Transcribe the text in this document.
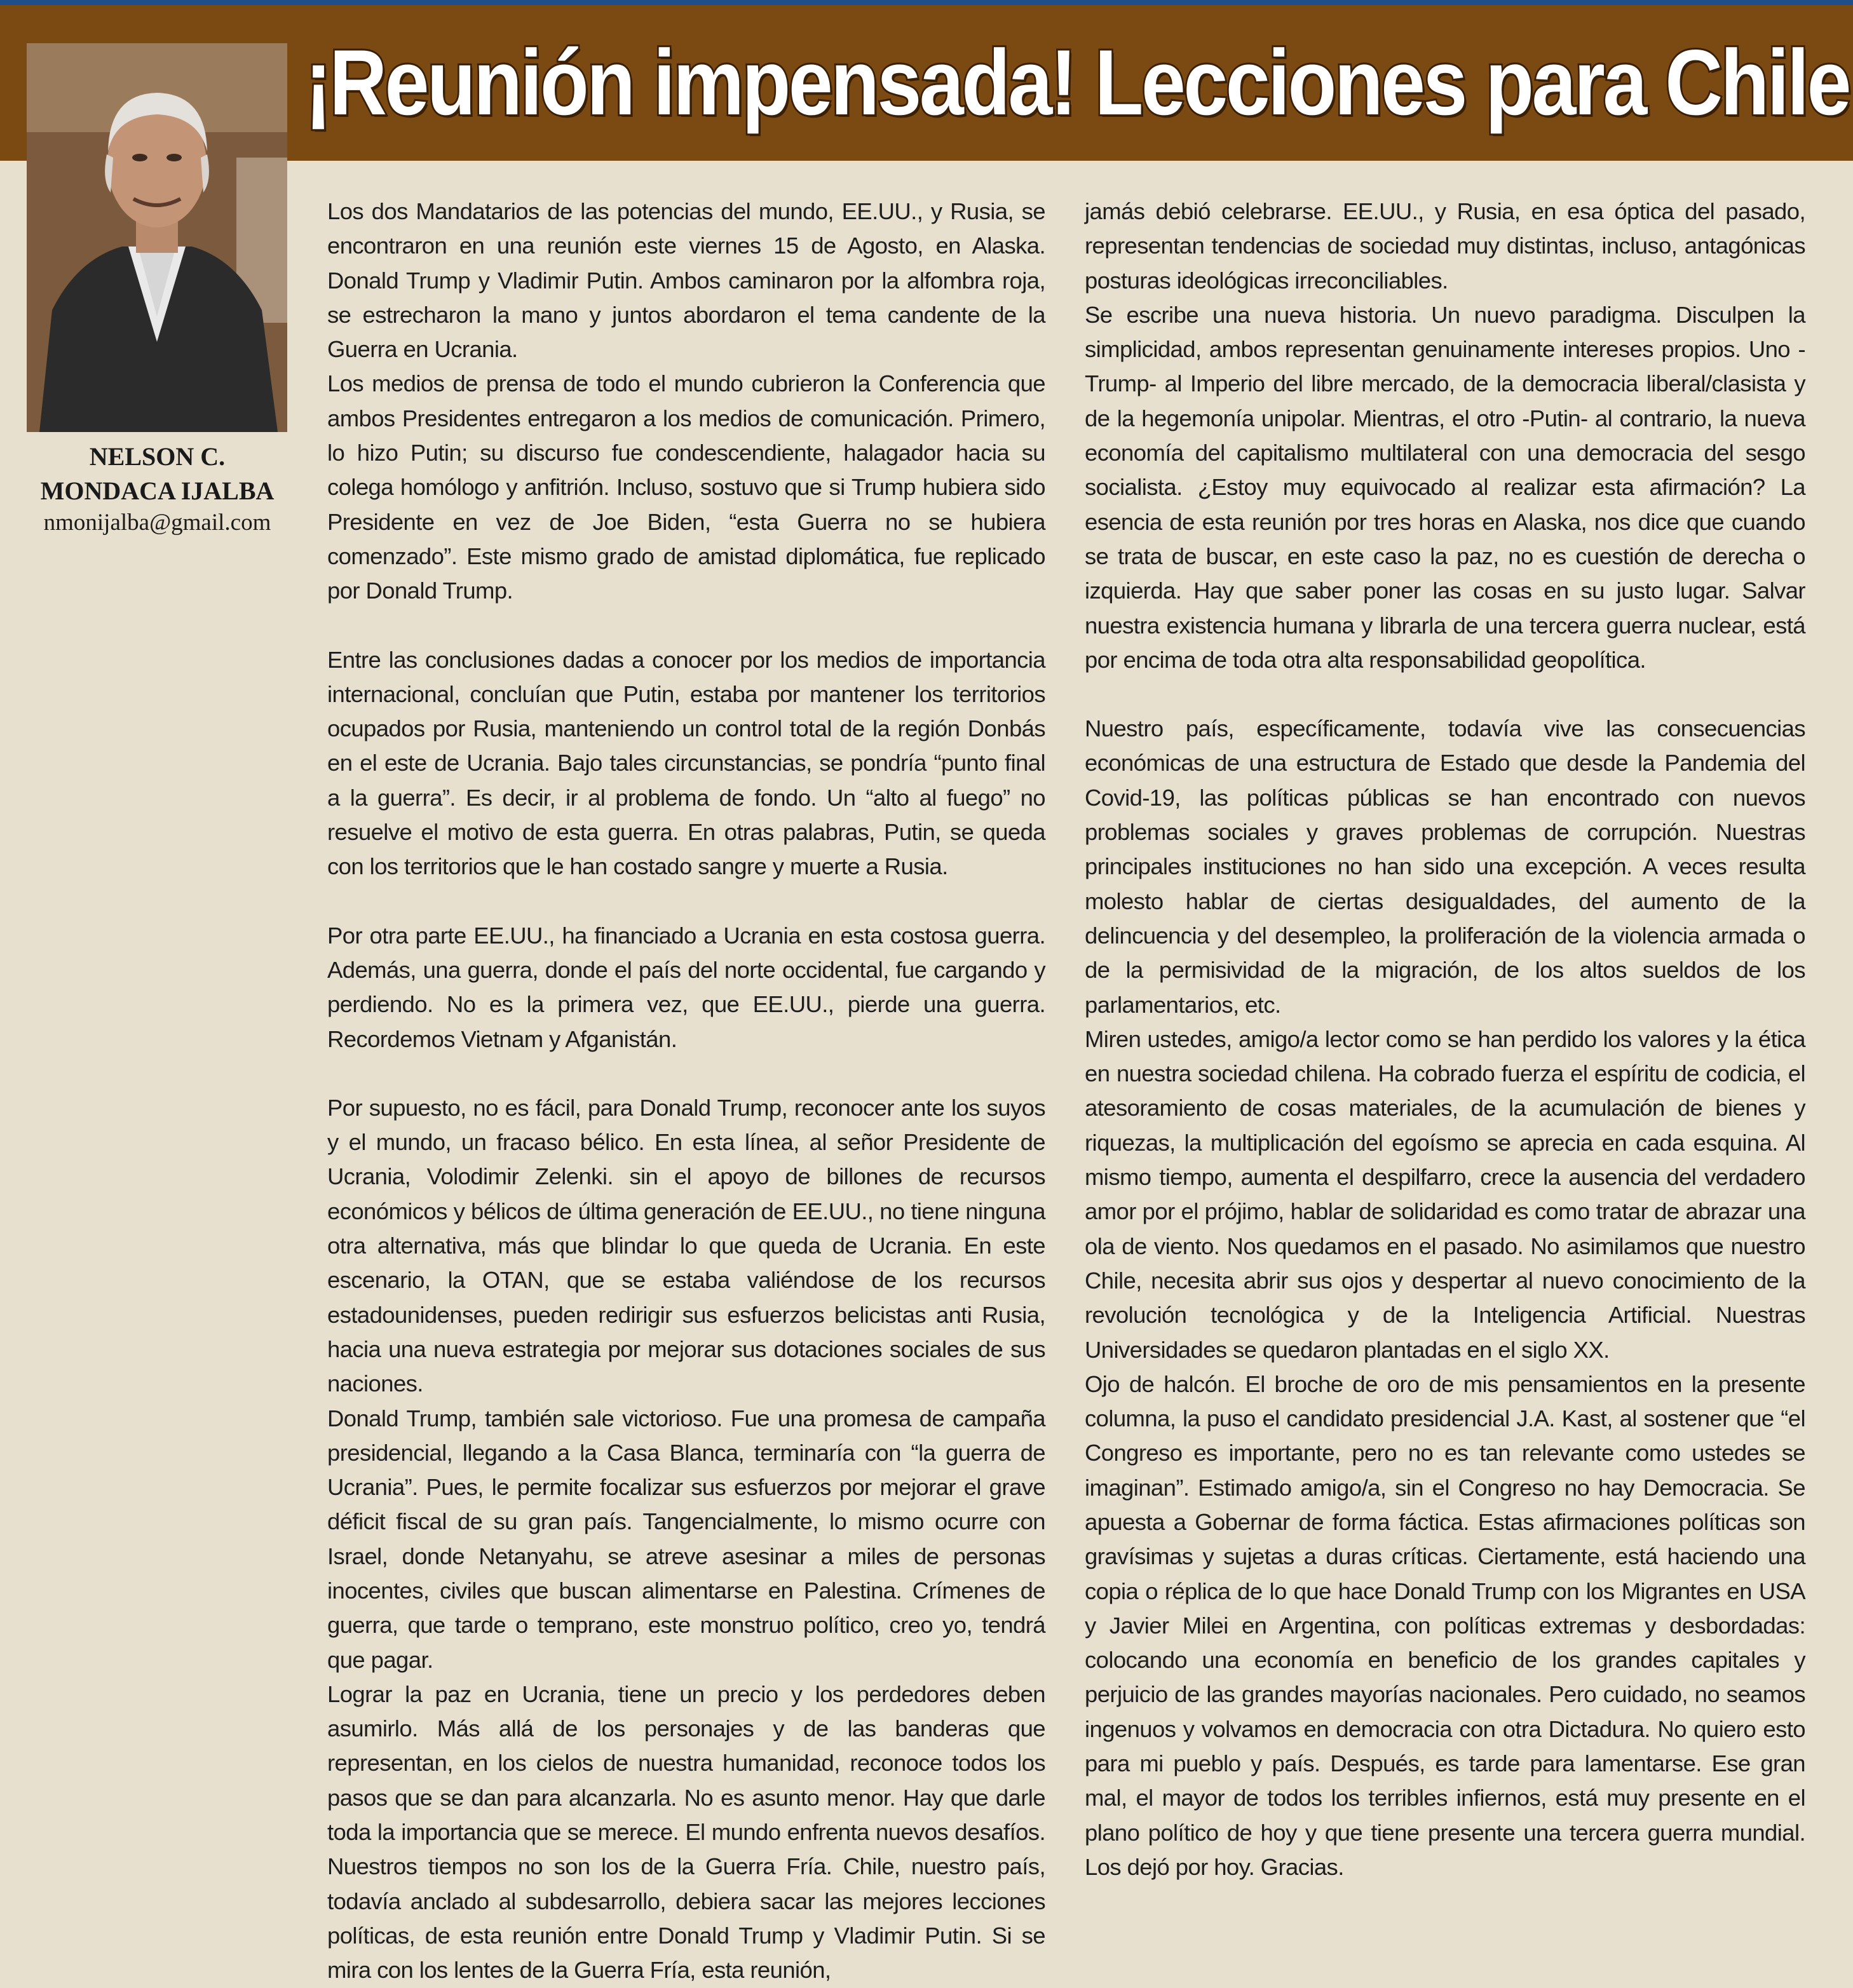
¡Reunión impensada! Lecciones para Chile

NELSON C.

MONDACA IJALBA

nmonijalba@gmail.com

Los dos Mandatarios de las potencias del mundo, EE.UU., y Rusia, se encontraron en una reunión este viernes 15 de Agosto, en Alaska. Donald Trump y Vladimir Putin. Ambos caminaron por la alfombra roja, se estrecharon la mano y juntos abordaron el tema candente de la Guerra en Ucrania.

Los medios de prensa de todo el mundo cubrieron la Conferencia que ambos Presidentes entregaron a los medios de comunicación. Primero, lo hizo Putin; su discurso fue condescendiente, halagador hacia su colega homólogo y anfitrión. Incluso, sostuvo que si Trump hubiera sido Presidente en vez de Joe Biden, “esta Guerra no se hubiera comenzado”. Este mismo grado de amistad diplomática, fue replicado por Donald Trump.

Entre las conclusiones dadas a conocer por los medios de importancia internacional, concluían que Putin, estaba por mantener los territorios ocupados por Rusia, manteniendo un control total de la región Donbás en el este de Ucrania. Bajo tales circunstancias, se pondría “punto final a la guerra”. Es decir, ir al problema de fondo. Un “alto al fuego” no resuelve el motivo de esta guerra. En otras palabras, Putin, se queda con los territorios que le han costado sangre y muerte a Rusia.

Por otra parte EE.UU., ha financiado a Ucrania en esta costosa guerra. Además, una guerra, donde el país del norte occidental, fue cargando y perdiendo. No es la primera vez, que EE.UU., pierde una guerra. Recordemos Vietnam y Afganistán.

Por supuesto, no es fácil, para Donald Trump, reconocer ante los suyos y el mundo, un fracaso bélico. En esta línea, al señor Presidente de Ucrania, Volodimir Zelenki. sin el apoyo de billones de recursos económicos y bélicos de última generación de EE.UU., no tiene ninguna otra alternativa, más que blindar lo que queda de Ucrania. En este escenario, la OTAN, que se estaba valiéndose de los recursos estadounidenses, pueden redirigir sus esfuerzos belicistas anti Rusia, hacia una nueva estrategia por mejorar sus dotaciones sociales de sus naciones.

Donald Trump, también sale victorioso. Fue una promesa de campaña presidencial, llegando a la Casa Blanca, terminaría con “la guerra de Ucrania”. Pues, le permite focalizar sus esfuerzos por mejorar el grave déficit fiscal de su gran país. Tangencialmente, lo mismo ocurre con Israel, donde Netanyahu, se atreve asesinar a miles de personas inocentes, civiles que buscan alimentarse en Palestina. Crímenes de guerra, que tarde o temprano, este monstruo político, creo yo, tendrá que pagar.

Lograr la paz en Ucrania, tiene un precio y los perdedores deben asumirlo. Más allá de los personajes y de las banderas que representan, en los cielos de nuestra humanidad, reconoce todos los pasos que se dan para alcanzarla. No es asunto menor. Hay que darle toda la importancia que se merece. El mundo enfrenta nuevos desafíos. Nuestros tiempos no son los de la Guerra Fría. Chile, nuestro país, todavía anclado al subdesarrollo, debiera sacar las mejores lecciones políticas, de esta reunión entre Donald Trump y Vladimir Putin. Si se mira con los lentes de la Guerra Fría, esta reunión,

jamás debió celebrarse. EE.UU., y Rusia, en esa óptica del pasado, representan tendencias de sociedad muy distintas, incluso, antagónicas posturas ideológicas irreconciliables.

Se escribe una nueva historia. Un nuevo paradigma. Disculpen la simplicidad, ambos representan genuinamente intereses propios. Uno -Trump- al Imperio del libre mercado, de la democracia liberal/clasista y de la hegemonía unipolar. Mientras, el otro -Putin- al contrario, la nueva economía del capitalismo multilateral con una democracia del sesgo socialista. ¿Estoy muy equivocado al realizar esta afirmación? La esencia de esta reunión por tres horas en Alaska, nos dice que cuando se trata de buscar, en este caso la paz, no es cuestión de derecha o izquierda. Hay que saber poner las cosas en su justo lugar. Salvar nuestra existencia humana y librarla de una tercera guerra nuclear, está por encima de toda otra alta responsabilidad geopolítica.

Nuestro país, específicamente, todavía vive las consecuencias económicas de una estructura de Estado que desde la Pandemia del Covid-19, las políticas públicas se han encontrado con nuevos problemas sociales y graves problemas de corrupción. Nuestras principales instituciones no han sido una excepción. A veces resulta molesto hablar de ciertas desigualdades, del aumento de la delincuencia y del desempleo, la proliferación de la violencia armada o de la permisividad de la migración, de los altos sueldos de los parlamentarios, etc.

Miren ustedes, amigo/a lector como se han perdido los valores y la ética en nuestra sociedad chilena. Ha cobrado fuerza el espíritu de codicia, el atesoramiento de cosas materiales, de la acumulación de bienes y riquezas, la multiplicación del egoísmo se aprecia en cada esquina. Al mismo tiempo, aumenta el despilfarro, crece la ausencia del verdadero amor por el prójimo, hablar de solidaridad es como tratar de abrazar una ola de viento. Nos quedamos en el pasado. No asimilamos que nuestro Chile, necesita abrir sus ojos y despertar al nuevo conocimiento de la revolución tecnológica y de la Inteligencia Artificial. Nuestras Universidades se quedaron plantadas en el siglo XX.

Ojo de halcón. El broche de oro de mis pensamientos en la presente columna, la puso el candidato presidencial J.A. Kast, al sostener que “el Congreso es importante, pero no es tan relevante como ustedes se imaginan”. Estimado amigo/a, sin el Congreso no hay Democracia. Se apuesta a Gobernar de forma fáctica. Estas afirmaciones políticas son gravísimas y sujetas a duras críticas. Ciertamente, está haciendo una copia o réplica de lo que hace Donald Trump con los Migrantes en USA y Javier Milei en Argentina, con políticas extremas y desbordadas: colocando una economía en beneficio de los grandes capitales y perjuicio de las grandes mayorías nacionales. Pero cuidado, no seamos ingenuos y volvamos en democracia con otra Dictadura. No quiero esto para mi pueblo y país. Después, es tarde para lamentarse. Ese gran mal, el mayor de todos los terribles infiernos, está muy presente en el plano político de hoy y que tiene presente una tercera guerra mundial. Los dejó por hoy. Gracias.
